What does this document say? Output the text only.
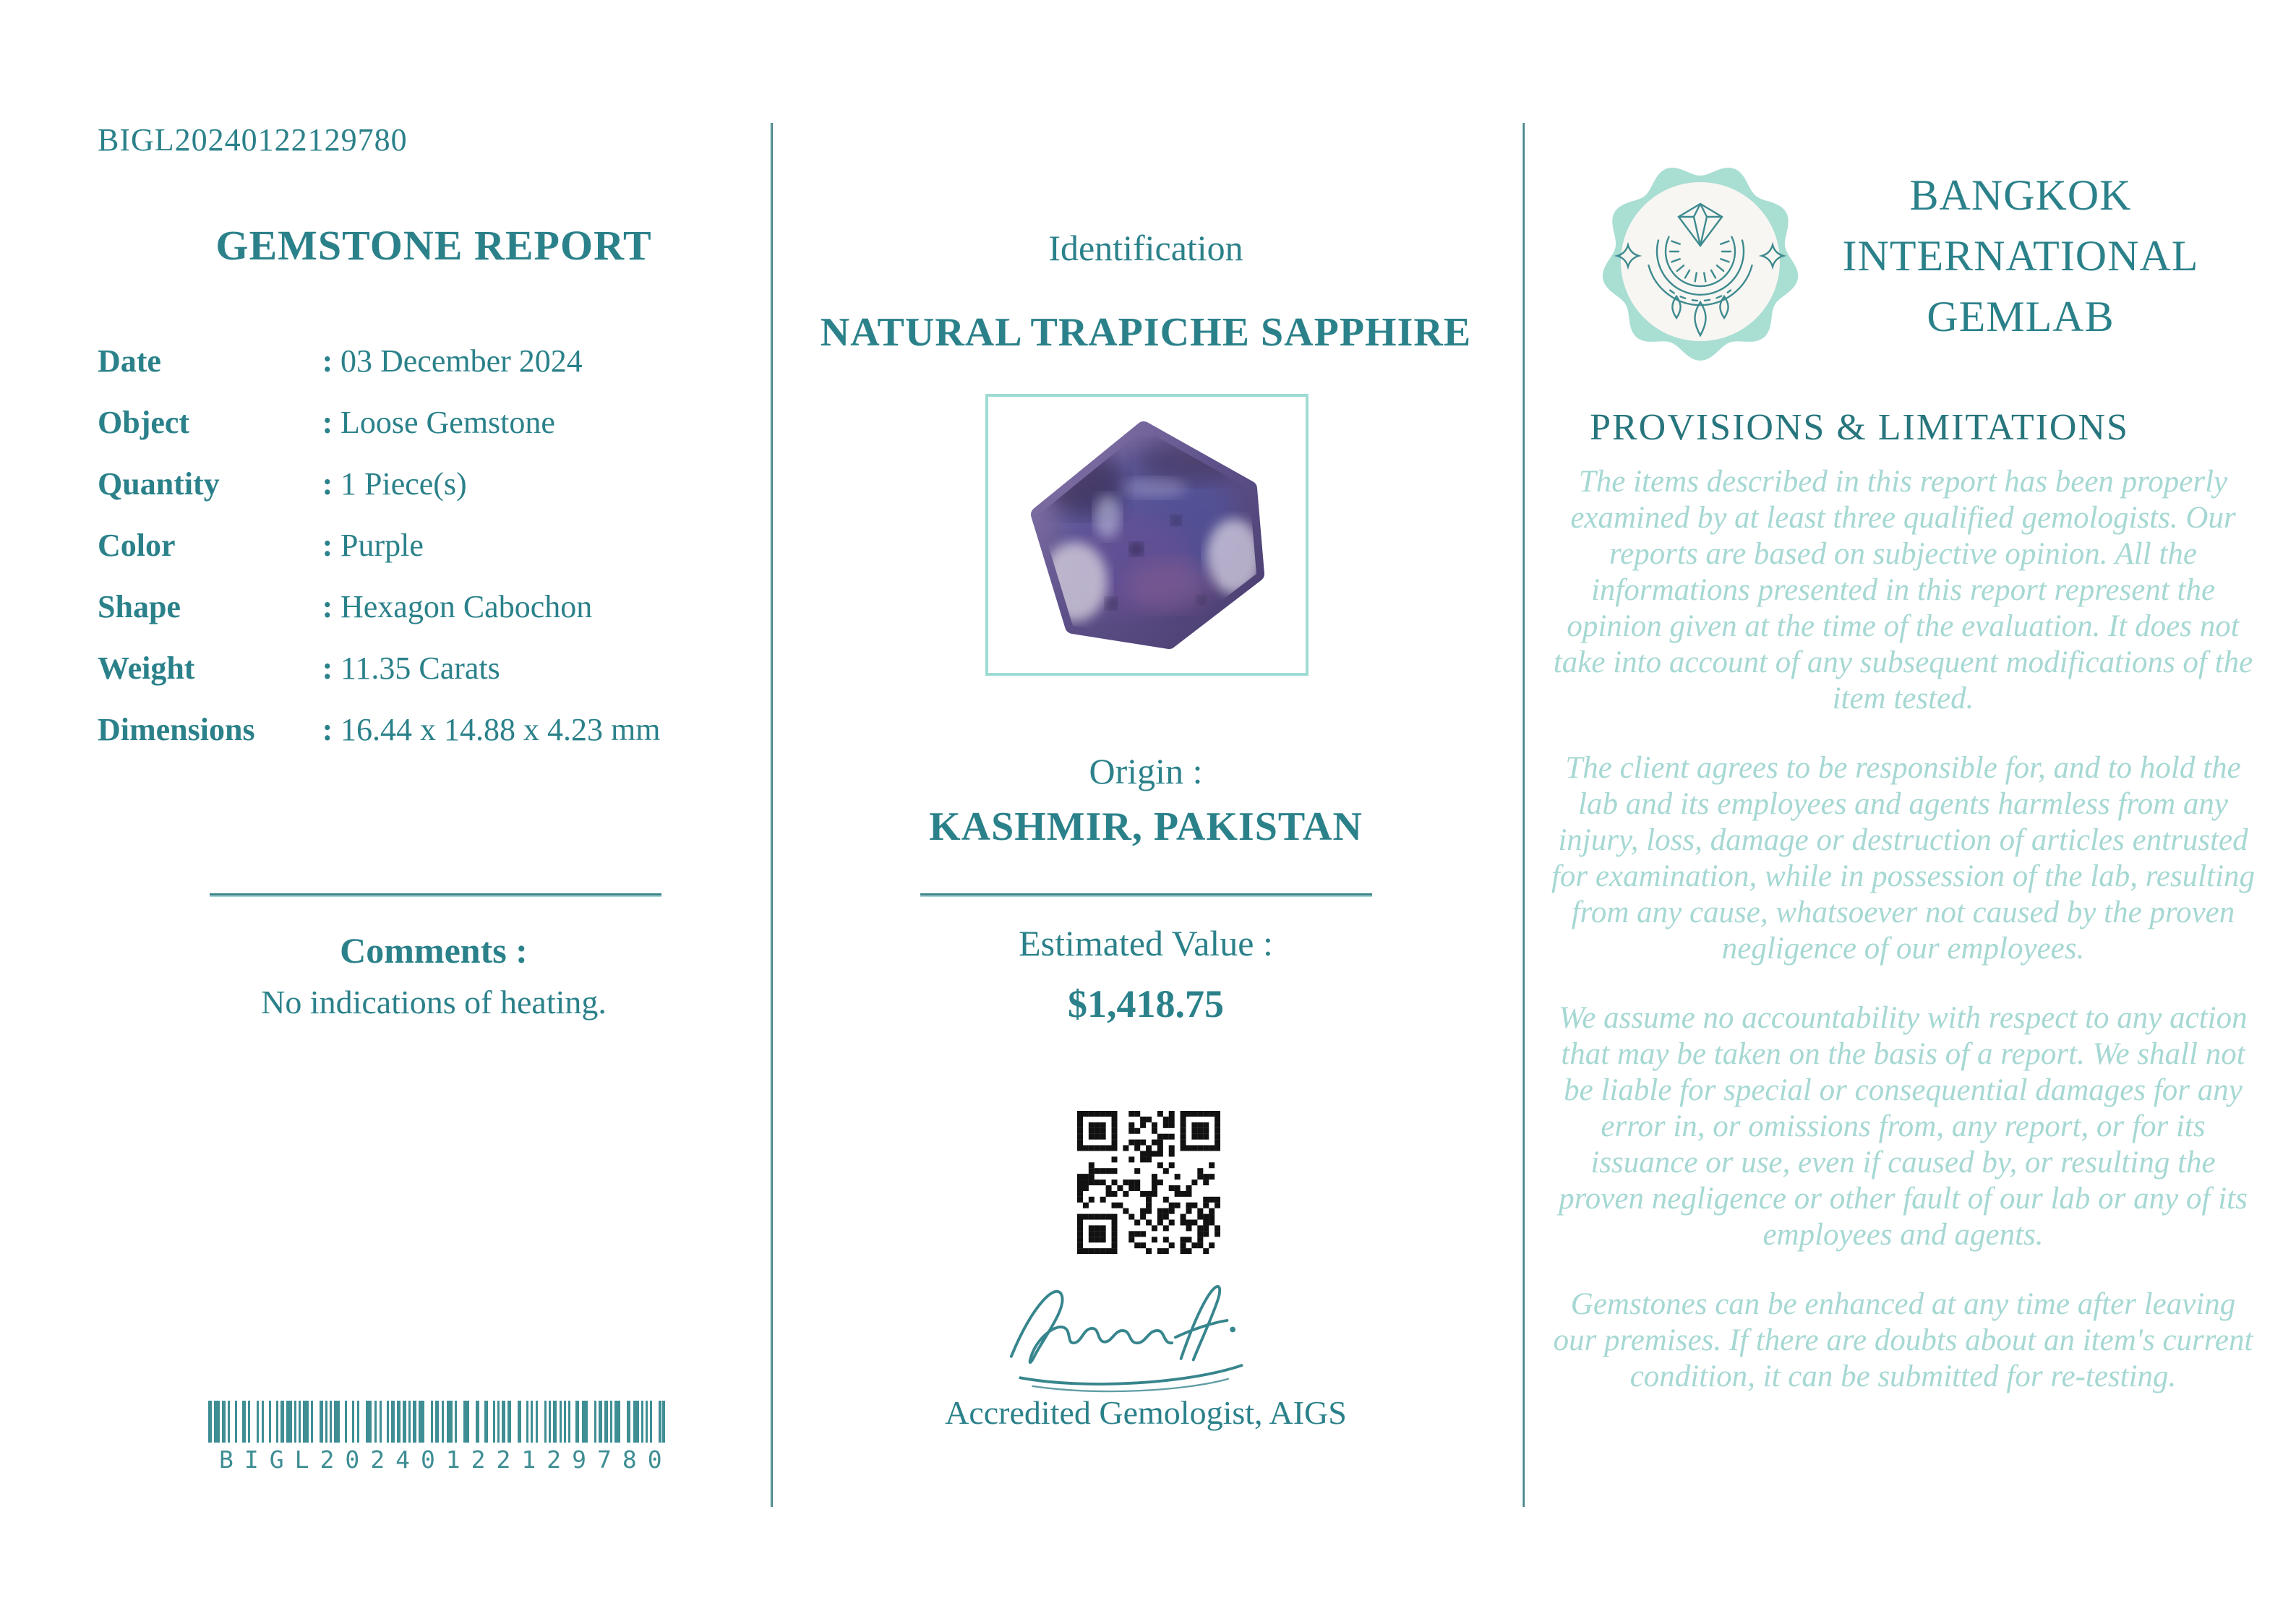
BIGL20240122129780
GEMSTONE REPORT
Date	: 03 December 2024
Object	: Loose Gemstone
Quantity	: 1 Piece(s)
Color	: Purple
Shape	: Hexagon Cabochon
Weight	: 11.35 Carats
Dimensions	: 16.44 x 14.88 x 4.23 mm
Comments :
No indications of heating.
BIGL20240122129780
Identification
NATURAL TRAPICHE SAPPHIRE
Origin :
KASHMIR, PAKISTAN
Estimated Value :
$1,418.75
Accredited Gemologist, AIGS
BANGKOK
INTERNATIONAL
GEMLAB
PROVISIONS & LIMITATIONS

The items described in this report has been properly examined by at least three qualified gemologists. Our reports are based on subjective opinion. All the informations presented in this report represent the opinion given at the time of the evaluation. It does not take into account of any subsequent modifications of the item tested.

The client agrees to be responsible for, and to hold the lab and its employees and agents harmless from any injury, loss, damage or destruction of articles entrusted for examination, while in possession of the lab, resulting from any cause, whatsoever not caused by the proven negligence of our employees.

We assume no accountability with respect to any action that may be taken on the basis of a report. We shall not be liable for special or consequential damages for any error in, or omissions from, any report, or for its issuance or use, even if caused by, or resulting the proven negligence or other fault of our lab or any of its employees and agents.

Gemstones can be enhanced at any time after leaving our premises. If there are doubts about an item's current condition, it can be submitted for re-testing.
